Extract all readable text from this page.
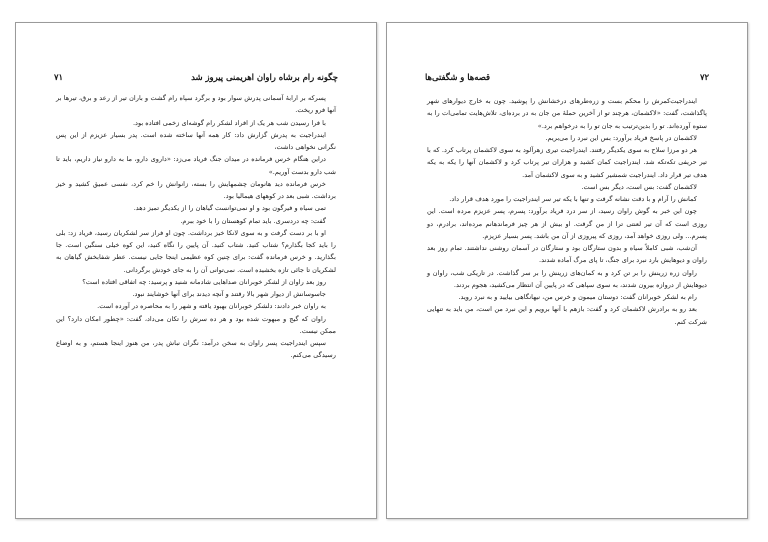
چگونه رام برشاه راوان اهریمنی پیروز شد
۷۱

پسرکه بر ارابهٔ آسمانی پدرش سوار بود و برگرد سپاه رام گشت و باران تیر از رعد و برق، تیرها بر آنها فرو ریخت.

با فرا رسیدن شب هر یک از افراد لشکر رام گوشه‌ای زخمی افتاده بود.

ایندراجیت به پدرش گزارش داد: کار همه آنها ساخته شده است. پدر بسیار عزیزم از این پس نگرانی نخواهی داشت،

دراین هنگام خرس فرمانده در میدان جنگ فریاد می‌زد: «داروی دارو، ما به دارو نیاز داریم، باید تا شب دارو بدست آوریم.»

خرس فرمانده دید هانومان چشمهایش را بسته، زانوانش را خم کرد، نفسی عمیق کشید و خیز برداشت. شبی بعد در کوههای هیمالیا بود.

تمی سیاه و فیرگون بود و او نمی‌توانست گیاهان را از یکدیگر تمیز دهد.

گفت: چه دردسری. باید تمام کوهستان را با خود ببرم.

او با بر دست گرفت و به سوی لانکا خیز برداشت. چون او فراز سر لشکریان رسید، فریاد زد: بلی را باید کجا بگذارم؟ شتاب کنید. شتاب کنید. آن پایین را نگاه کنید، این کوه خیلی سنگین است. جا بگذارید. و خرس فرمانده گفت: برای چنین کوه عظیمی اینجا جایی نیست. عطر شفابخش گیاهان به لشکریان تا جائی تازه بخشیده است. نمی‌توانی آن را به جای خودش برگردانی.

روز بعد راوان از لشکر خوبرانان صداهایی شادمانه شنید و پرسید: چه اتفاقی افتاده است؟

جاسوسانش از دیوار شهر بالا رفتند و آنچه دیدند برای آنها خوشایند نبود.

به راوان خبر دادند: دلشکر خوبرانان بهبود یافته و شهر را به محاصره در آورده است.

راوان که گیج و مبهوت شده بود و هر ده سرش را تکان می‌داد، گفت: «چطور امکان دارد؟ این ممکن نیست.

سپس ایندراجیت پسر راوان به سخن درآمد: نگران نباش پدر، من هنوز اینجا هستم، و به اوضاع رسیدگی می‌کنم.

۷۲
قصه‌ها و شگفتی‌ها

ایندراجیت‌کمرش را محکم بست و زره‌طرهای درخشانش را پوشید. چون به خارج دیوارهای شهر پاگذاشت، گفت: «لاکشمان، هرچند تو از آخرین حملهٔ من جان به در برده‌ای، تلاش‌هایت تمامی‌ات را به ستوه آورده‌اند. تو را بدین‌ترتیب به جان تو را به درخواهم برد.»

لاکشمان در پاسخ فریاد برآورد: بس این نبرد را می‌بریم.

هر دو مرزا سلاح به سوی یکدیگر رفتند. ایندراجیت تیری زهرآلود به سوی لاکشمان پرتاب کرد. که با تیر حریفی تکه‌تکه شد. ایندراجیت کمان کشید و هزاران تیر پرتاب کرد و لاکشمان آنها را یکه به یکه هدف تیر قرار داد. ایندراجیت شمشیر کشید و به سوی لاکشمان آمد.

لاکشمان گفت: بس است، دیگر بس است.

کمانش را آرام و با دقت نشانه گرفت و تنها با یکه تیر سر ایندراجیت را مورد هدف قرار داد.

چون این خبر به گوش راوان رسید، از سر درد فریاد برآورد: پسرم، پسر عزیزم مرده است. این روزی است که آن تیر لعنتی ترا از من گرفت. او بیش از هر چیز فرماندهانم مرده‌اند، برادرم، دو پسرم... ولی روزی خواهد آمد، روزی که پیروزی از آن من باشد. پسر بسیار عزیزم.

آن‌شب، شبی کاملاً سیاه و بدون ستارگان بود و ستارگان در آسمان روشنی نداشتند. تمام روز بعد راوان و دیوهایش بارد نبرد برای جنگ، تا پای مرگ آماده شدند.

راوان زره زرینش را بر تن کرد و به کمان‌های زرینش را بر سر گذاشت. در تاریکی شب، راوان و دیوهایش از دروازه بیرون شدند، به سوی سپاهی که در پایین آن انتظار می‌کشید، هجوم بردند.

رام به لشکر خوبرانان گفت: دوستان میمون و خرس من، نیهانگاهی بیایید و به نبرد روید.

بعد رو به برادرش لاکشمان کرد و گفت: بازهم با آنها برویم و این نبرد من است، من باید به تنهایی شرکت کنم.
